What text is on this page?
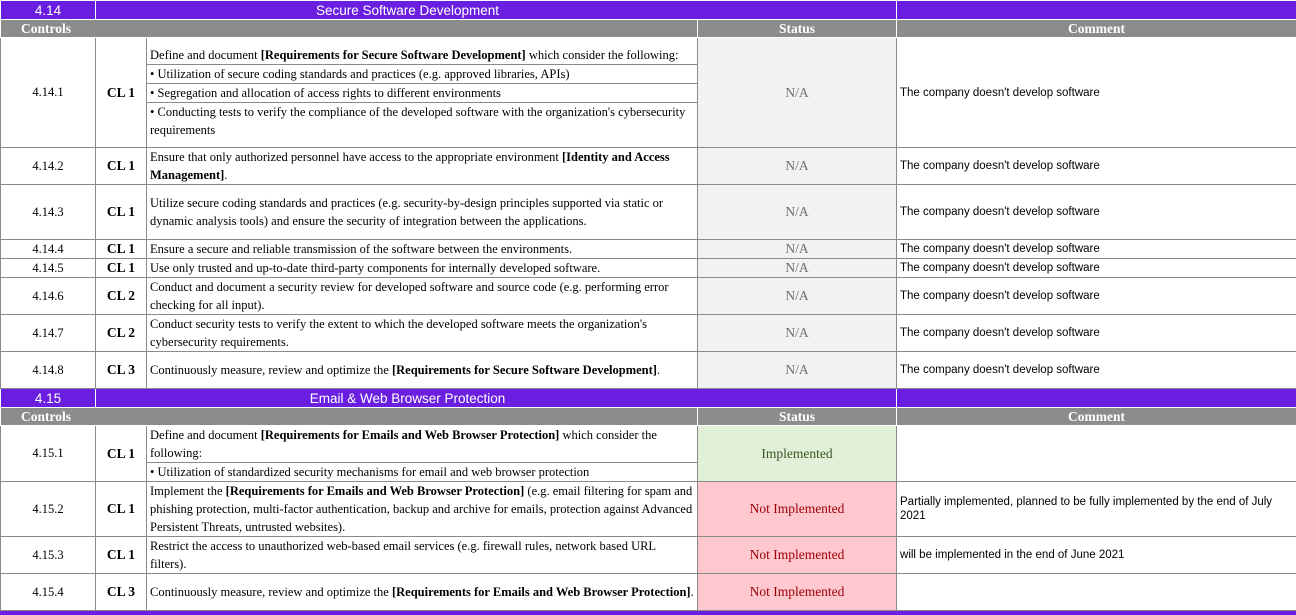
4.14	Secure Software Development			
Controls			Status	Comment
4.14.1	CL 1	Define and document [Requirements for Secure Software Development] which consider the following:
• Utilization of secure coding standards and practices (e.g. approved libraries, APIs)
• Segregation and allocation of access rights to different environments
• Conducting tests to verify the compliance of the developed software with the organization's cybersecurity requirements	N/A	The company doesn't develop software
4.14.2	CL 1	Ensure that only authorized personnel have access to the appropriate environment [Identity and Access Management].	N/A	The company doesn't develop software
4.14.3	CL 1	Utilize secure coding standards and practices (e.g. security-by-design principles supported via static or dynamic analysis tools) and ensure the security of integration between the applications.	N/A	The company doesn't develop software
4.14.4	CL 1	Ensure a secure and reliable transmission of the software between the environments.	N/A	The company doesn't develop software
4.14.5	CL 1	Use only trusted and up-to-date third-party components for internally developed software.	N/A	The company doesn't develop software
4.14.6	CL 2	Conduct and document a security review for developed software and source code (e.g. performing error checking for all input).	N/A	The company doesn't develop software
4.14.7	CL 2	Conduct security tests to verify the extent to which the developed software meets the organization's cybersecurity requirements.	N/A	The company doesn't develop software
4.14.8	CL 3	Continuously measure, review and optimize the [Requirements for Secure Software Development].	N/A	The company doesn't develop software
4.15	Email & Web Browser Protection			
Controls			Status	Comment
4.15.1	CL 1	Define and document [Requirements for Emails and Web Browser Protection] which consider the following:
• Utilization of standardized security mechanisms for email and web browser protection	Implemented	
4.15.2	CL 1	Implement the [Requirements for Emails and Web Browser Protection] (e.g. email filtering for spam and phishing protection, multi-factor authentication, backup and archive for emails, protection against Advanced Persistent Threats, untrusted websites).	Not Implemented	Partially implemented, planned to be fully implemented by the end of July 2021
4.15.3	CL 1	Restrict the access to unauthorized web-based email services (e.g. firewall rules, network based URL filters).	Not Implemented	will be implemented in the end of June 2021
4.15.4	CL 3	Continuously measure, review and optimize the [Requirements for Emails and Web Browser Protection].	Not Implemented	
